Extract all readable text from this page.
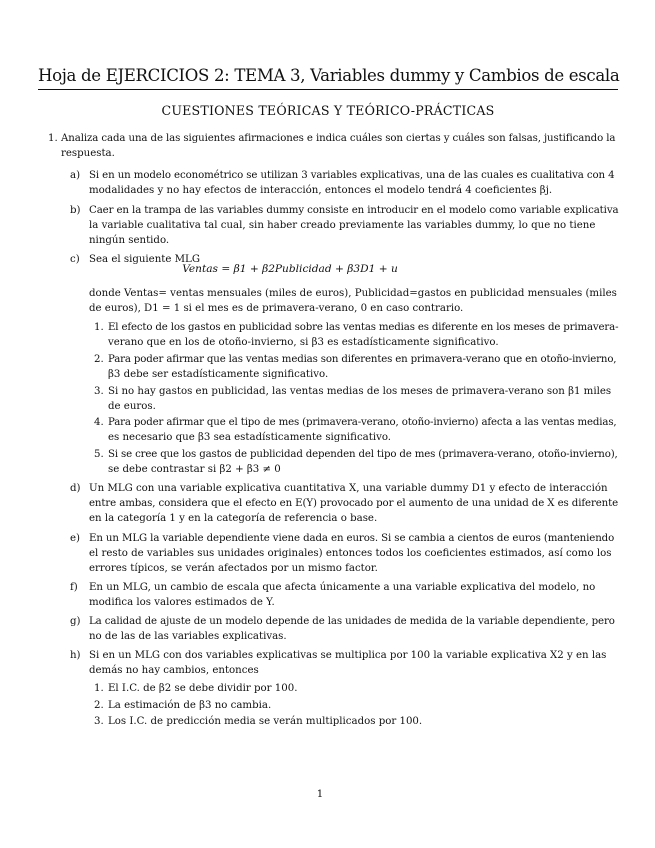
Hoja de EJERCICIOS 2: TEMA 3, Variables dummy y Cambios de escala
CUESTIONES TEÓRICAS Y TEÓRICO-PRÁCTICAS
1. Analiza cada una de las siguientes afirmaciones e indica cuáles son ciertas y cuáles son falsas, justificando la
respuesta.
a) Si en un modelo econométrico se utilizan 3 variables explicativas, una de las cuales es cualitativa con 4
modalidades y no hay efectos de interacción, entonces el modelo tendrá 4 coeficientes βj.
b) Caer en la trampa de las variables dummy consiste en introducir en el modelo como variable explicativa
la variable cualitativa tal cual, sin haber creado previamente las variables dummy, lo que no tiene
ningún sentido.
c) Sea el siguiente MLG
Ventas = β1 + β2Publicidad + β3D1 + u
donde Ventas= ventas mensuales (miles de euros), Publicidad=gastos en publicidad mensuales (miles
de euros), D1 = 1 si el mes es de primavera-verano, 0 en caso contrario.
1. El efecto de los gastos en publicidad sobre las ventas medias es diferente en los meses de primavera-
verano que en los de otoño-invierno, si β3 es estadísticamente significativo.
2. Para poder afirmar que las ventas medias son diferentes en primavera-verano que en otoño-invierno,
β3 debe ser estadísticamente significativo.
3. Si no hay gastos en publicidad, las ventas medias de los meses de primavera-verano son β1 miles
de euros.
4. Para poder afirmar que el tipo de mes (primavera-verano, otoño-invierno) afecta a las ventas medias,
es necesario que β3 sea estadísticamente significativo.
5. Si se cree que los gastos de publicidad dependen del tipo de mes (primavera-verano, otoño-invierno),
se debe contrastar si β2 + β3 ≠ 0
d) Un MLG con una variable explicativa cuantitativa X, una variable dummy D1 y efecto de interacción
entre ambas, considera que el efecto en E(Y) provocado por el aumento de una unidad de X es diferente
en la categoría 1 y en la categoría de referencia o base.
e) En un MLG la variable dependiente viene dada en euros. Si se cambia a cientos de euros (manteniendo
el resto de variables sus unidades originales) entonces todos los coeficientes estimados, así como los
errores típicos, se verán afectados por un mismo factor.
f) En un MLG, un cambio de escala que afecta únicamente a una variable explicativa del modelo, no
modifica los valores estimados de Y.
g) La calidad de ajuste de un modelo depende de las unidades de medida de la variable dependiente, pero
no de las de las variables explicativas.
h) Si en un MLG con dos variables explicativas se multiplica por 100 la variable explicativa X2 y en las
demás no hay cambios, entonces
1. El I.C. de β2 se debe dividir por 100.
2. La estimación de β3 no cambia.
3. Los I.C. de predicción media se verán multiplicados por 100.
1
